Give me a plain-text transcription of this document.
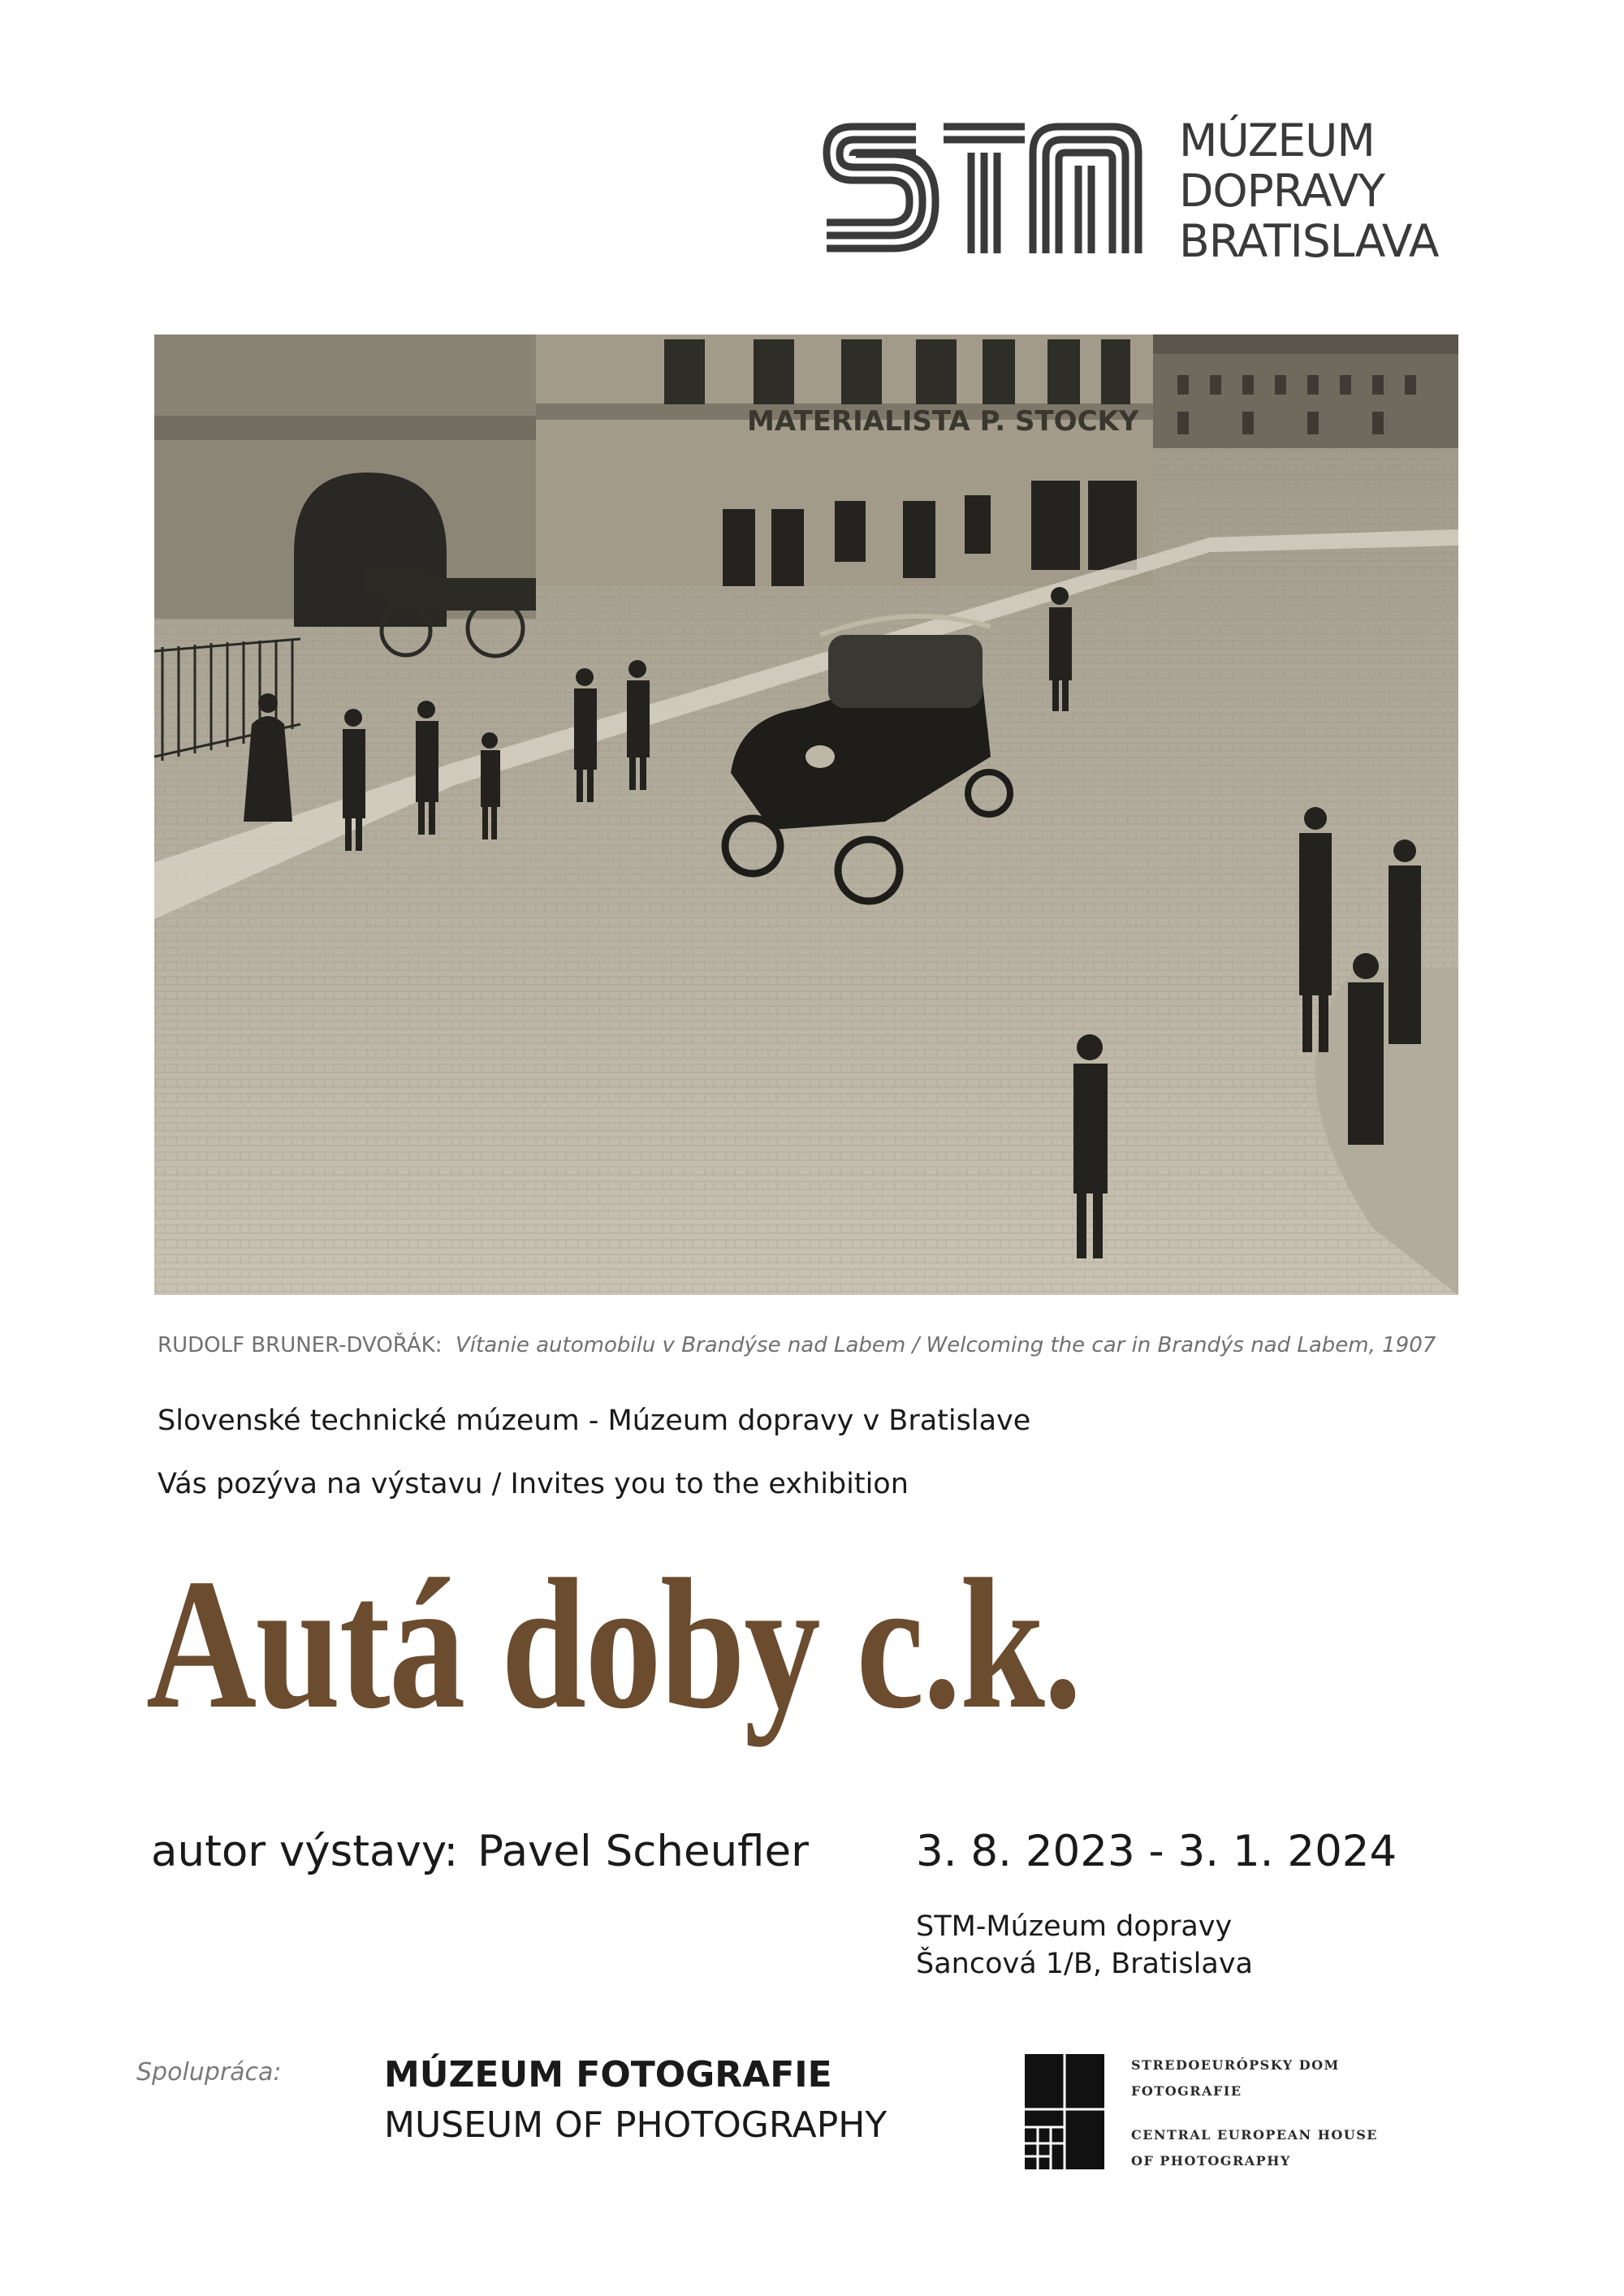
MÚZEUM
DOPRAVY
BRATISLAVA
MATERIALISTA P. STOCKY
RUDOLF BRUNER-DVOŘÁK: Vítanie automobilu v Brandýse nad Labem / Welcoming the car in Brandýs nad Labem, 1907
Slovenské technické múzeum - Múzeum dopravy v Bratislave
Vás pozýva na výstavu / Invites you to the exhibition
Autá doby c.k.
autor výstavy: Pavel Scheufler 3. 8. 2023 - 3. 1. 2024
STM-Múzeum dopravy
Šancová 1/B, Bratislava
Spolupráca:	MÚZEUM FOTOGRAFIE
MUSEUM OF PHOTOGRAPHY
STREDOEURÓPSKY DOM
FOTOGRAFIE
CENTRAL EUROPEAN HOUSE
OF PHOTOGRAPHY
